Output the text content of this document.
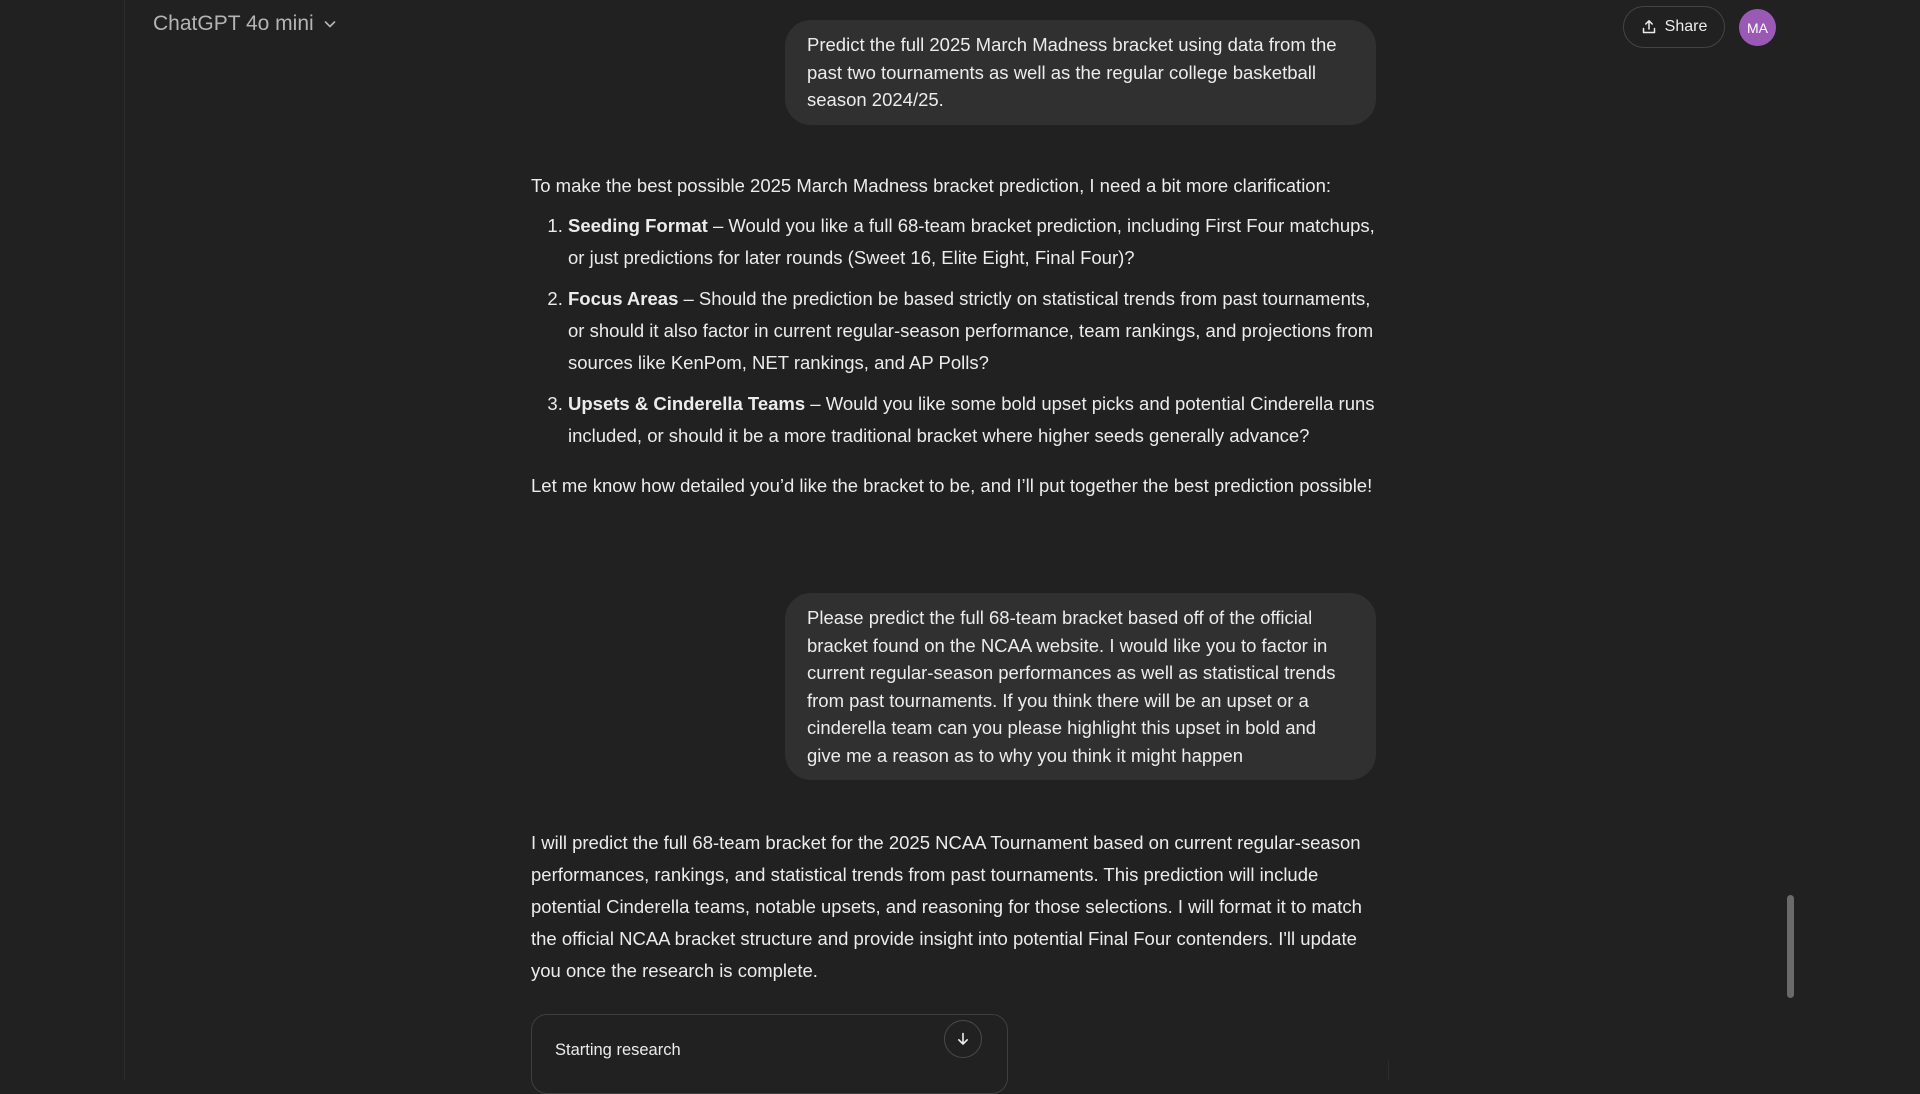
ChatGPT 4o mini	Share	MA
Predict the full 2025 March Madness bracket using data from the past two tournaments as well as the regular college basketball season 2024/25.

To make the best possible 2025 March Madness bracket prediction, I need a bit more clarification:

1. Seeding Format – Would you like a full 68-team bracket prediction, including First Four matchups, or just predictions for later rounds (Sweet 16, Elite Eight, Final Four)?
2. Focus Areas – Should the prediction be based strictly on statistical trends from past tournaments, or should it also factor in current regular-season performance, team rankings, and projections from sources like KenPom, NET rankings, and AP Polls?
3. Upsets & Cinderella Teams – Would you like some bold upset picks and potential Cinderella runs included, or should it be a more traditional bracket where higher seeds generally advance?

Let me know how detailed you’d like the bracket to be, and I’ll put together the best prediction possible!

Please predict the full 68-team bracket based off of the official bracket found on the NCAA website. I would like you to factor in current regular-season performances as well as statistical trends from past tournaments. If you think there will be an upset or a cinderella team can you please highlight this upset in bold and give me a reason as to why you think it might happen

I will predict the full 68-team bracket for the 2025 NCAA Tournament based on current regular-season performances, rankings, and statistical trends from past tournaments. This prediction will include potential Cinderella teams, notable upsets, and reasoning for those selections. I will format it to match the official NCAA bracket structure and provide insight into potential Final Four contenders. I'll update you once the research is complete.

Starting research
